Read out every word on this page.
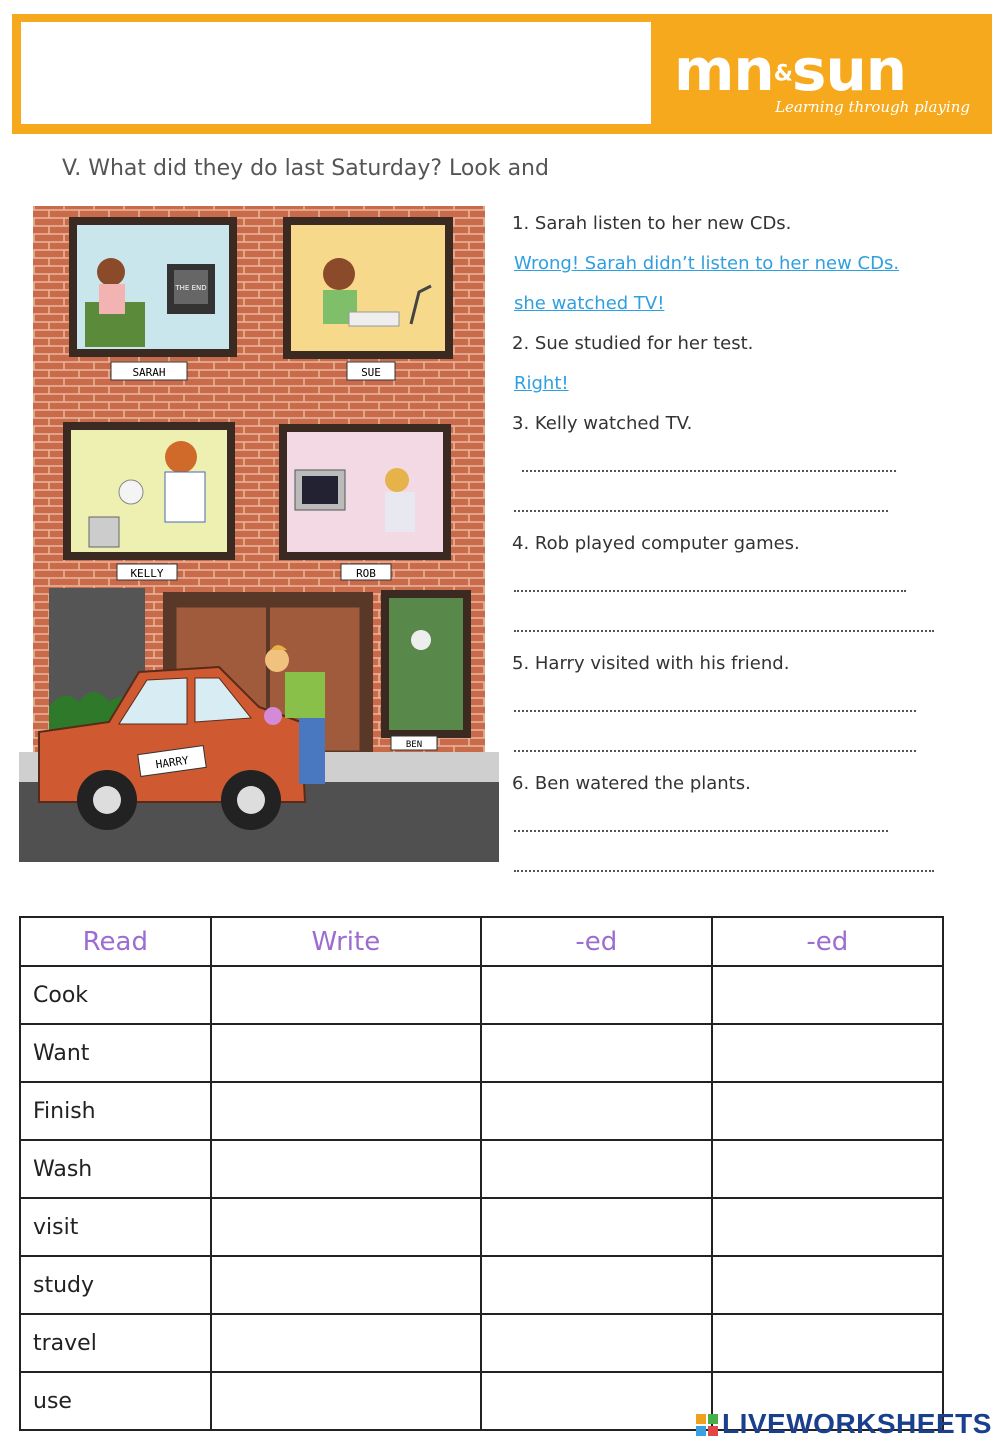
mn&sun
Learning through playing
V. What did they do last Saturday? Look and
THE END
SARAH	SUE
KELLY	ROB
BEN
HARRY
1. Sarah listen to her new CDs.
Wrong! Sarah didn’t listen to her new CDs.
she watched TV!
2. Sue studied for her test.
Right!
3. Kelly watched TV.
4. Rob played computer games.
5. Harry visited with his friend.
6. Ben watered the plants.
Read	Write	-ed	-ed
Cook			
Want			
Finish			
Wash			
visit			
study			
travel			
use			
LIVEWORKSHEETS
